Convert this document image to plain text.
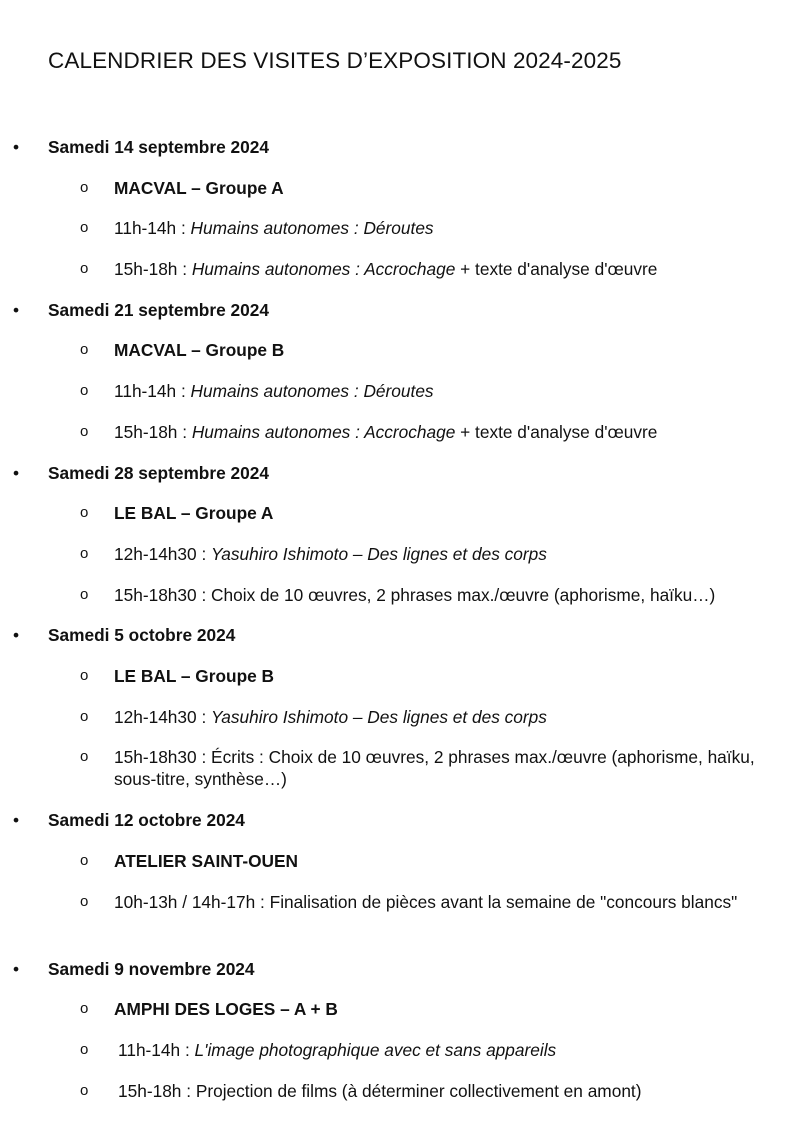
CALENDRIER DES VISITES D’EXPOSITION 2024-2025
• Samedi 14 septembre 2024
o MACVAL – Groupe A
o 11h-14h : Humains autonomes : Déroutes
o 15h-18h : Humains autonomes : Accrochage + texte d'analyse d'œuvre
• Samedi 21 septembre 2024
o MACVAL – Groupe B
o 11h-14h : Humains autonomes : Déroutes
o 15h-18h : Humains autonomes : Accrochage + texte d'analyse d'œuvre
• Samedi 28 septembre 2024
o LE BAL – Groupe A
o 12h-14h30 : Yasuhiro Ishimoto – Des lignes et des corps
o 15h-18h30 : Choix de 10 œuvres, 2 phrases max./œuvre (aphorisme, haïku…)
• Samedi 5 octobre 2024
o LE BAL – Groupe B
o 12h-14h30 : Yasuhiro Ishimoto – Des lignes et des corps
o 15h-18h30 : Écrits : Choix de 10 œuvres, 2 phrases max./œuvre (aphorisme, haïku, sous-titre, synthèse…)
• Samedi 12 octobre 2024
o ATELIER SAINT-OUEN
o 10h-13h / 14h-17h : Finalisation de pièces avant la semaine de "concours blancs"
• Samedi 9 novembre 2024
o AMPHI DES LOGES – A + B
o 11h-14h : L'image photographique avec et sans appareils
o 15h-18h : Projection de films (à déterminer collectivement en amont)
